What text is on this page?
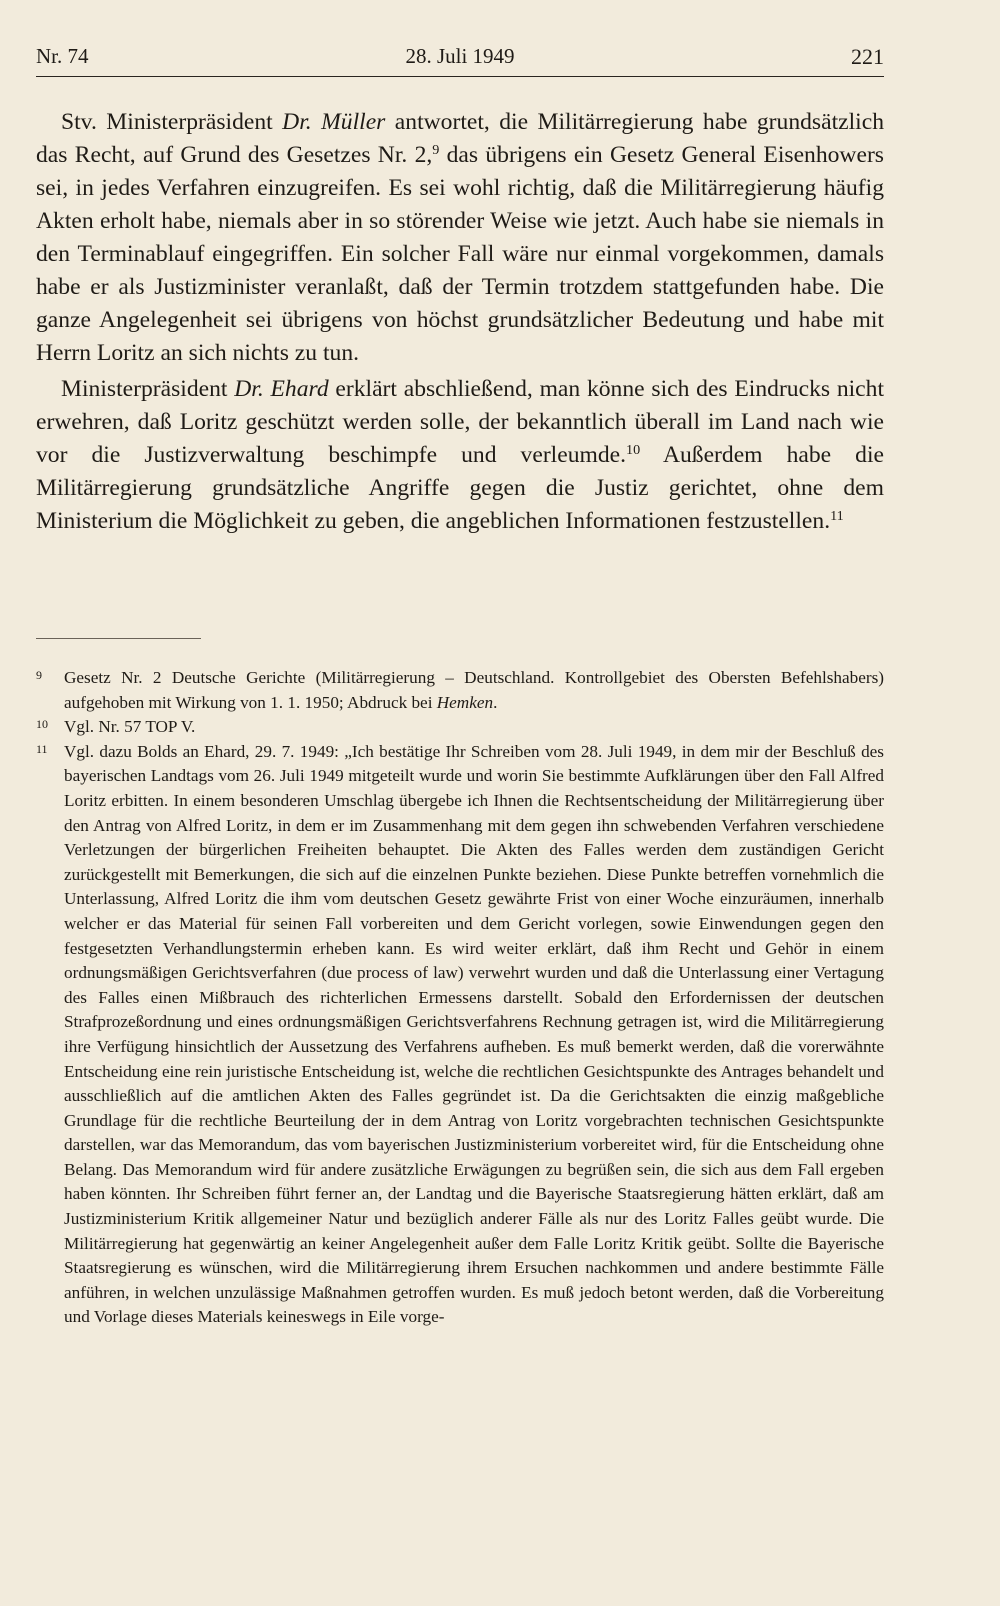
Nr. 74	28. Juli 1949	221

Stv. Ministerpräsident Dr. Müller antwortet, die Militärregierung habe grundsätzlich das Recht, auf Grund des Gesetzes Nr. 2,$^9$ das übrigens ein Gesetz General Eisenhowers sei, in jedes Verfahren einzugreifen. Es sei wohl richtig, daß die Militärregierung häufig Akten erholt habe, niemals aber in so störender Weise wie jetzt. Auch habe sie niemals in den Terminablauf eingegriffen. Ein solcher Fall wäre nur einmal vorgekommen, damals habe er als Justizminister veranlaßt, daß der Termin trotzdem stattgefunden habe. Die ganze Angelegenheit sei übrigens von höchst grundsätzlicher Bedeutung und habe mit Herrn Loritz an sich nichts zu tun.

Ministerpräsident Dr. Ehard erklärt abschließend, man könne sich des Eindrucks nicht erwehren, daß Loritz geschützt werden solle, der bekanntlich überall im Land nach wie vor die Justizverwaltung beschimpfe und verleumde.$^{10}$ Außerdem habe die Militärregierung grundsätzliche Angriffe gegen die Justiz gerichtet, ohne dem Ministerium die Möglichkeit zu geben, die angeblichen Informationen festzustellen.$^{11}$

9 Gesetz Nr. 2 Deutsche Gerichte (Militärregierung – Deutschland. Kontrollgebiet des Obersten Befehlshabers) aufgehoben mit Wirkung von 1. 1. 1950; Abdruck bei Hemken.

10 Vgl. Nr. 57 TOP V.

11 Vgl. dazu Bolds an Ehard, 29. 7. 1949: „Ich bestätige Ihr Schreiben vom 28. Juli 1949, in dem mir der Beschluß des bayerischen Landtags vom 26. Juli 1949 mitgeteilt wurde und worin Sie bestimmte Aufklärungen über den Fall Alfred Loritz erbitten. In einem besonderen Umschlag übergebe ich Ihnen die Rechtsentscheidung der Militärregierung über den Antrag von Alfred Loritz, in dem er im Zusammenhang mit dem gegen ihn schwebenden Verfahren verschiedene Verletzungen der bürgerlichen Freiheiten behauptet. Die Akten des Falles werden dem zuständigen Gericht zurückgestellt mit Bemerkungen, die sich auf die einzelnen Punkte beziehen. Diese Punkte betreffen vornehmlich die Unterlassung, Alfred Loritz die ihm vom deutschen Gesetz gewährte Frist von einer Woche einzuräumen, innerhalb welcher er das Material für seinen Fall vorbereiten und dem Gericht vorlegen, sowie Einwendungen gegen den festgesetzten Verhandlungstermin erheben kann. Es wird weiter erklärt, daß ihm Recht und Gehör in einem ordnungsmäßigen Gerichtsverfahren (due process of law) verwehrt wurden und daß die Unterlassung einer Vertagung des Falles einen Mißbrauch des richterlichen Ermessens darstellt. Sobald den Erfordernissen der deutschen Strafprozeßordnung und eines ordnungsmäßigen Gerichtsverfahrens Rechnung getragen ist, wird die Militärregierung ihre Verfügung hinsichtlich der Aussetzung des Verfahrens aufheben. Es muß bemerkt werden, daß die vorerwähnte Entscheidung eine rein juristische Entscheidung ist, welche die rechtlichen Gesichtspunkte des Antrages behandelt und ausschließlich auf die amtlichen Akten des Falles gegründet ist. Da die Gerichtsakten die einzig maßgebliche Grundlage für die rechtliche Beurteilung der in dem Antrag von Loritz vorgebrachten technischen Gesichtspunkte darstellen, war das Memorandum, das vom bayerischen Justizministerium vorbereitet wird, für die Entscheidung ohne Belang. Das Memorandum wird für andere zusätzliche Erwägungen zu begrüßen sein, die sich aus dem Fall ergeben haben könnten. Ihr Schreiben führt ferner an, der Landtag und die Bayerische Staatsregierung hätten erklärt, daß am Justizministerium Kritik allgemeiner Natur und bezüglich anderer Fälle als nur des Loritz Falles geübt wurde. Die Militärregierung hat gegenwärtig an keiner Angelegenheit außer dem Falle Loritz Kritik geübt. Sollte die Bayerische Staatsregierung es wünschen, wird die Militärregierung ihrem Ersuchen nachkommen und andere bestimmte Fälle anführen, in welchen unzulässige Maßnahmen getroffen wurden. Es muß jedoch betont werden, daß die Vorbereitung und Vorlage dieses Materials keineswegs in Eile vorge-
